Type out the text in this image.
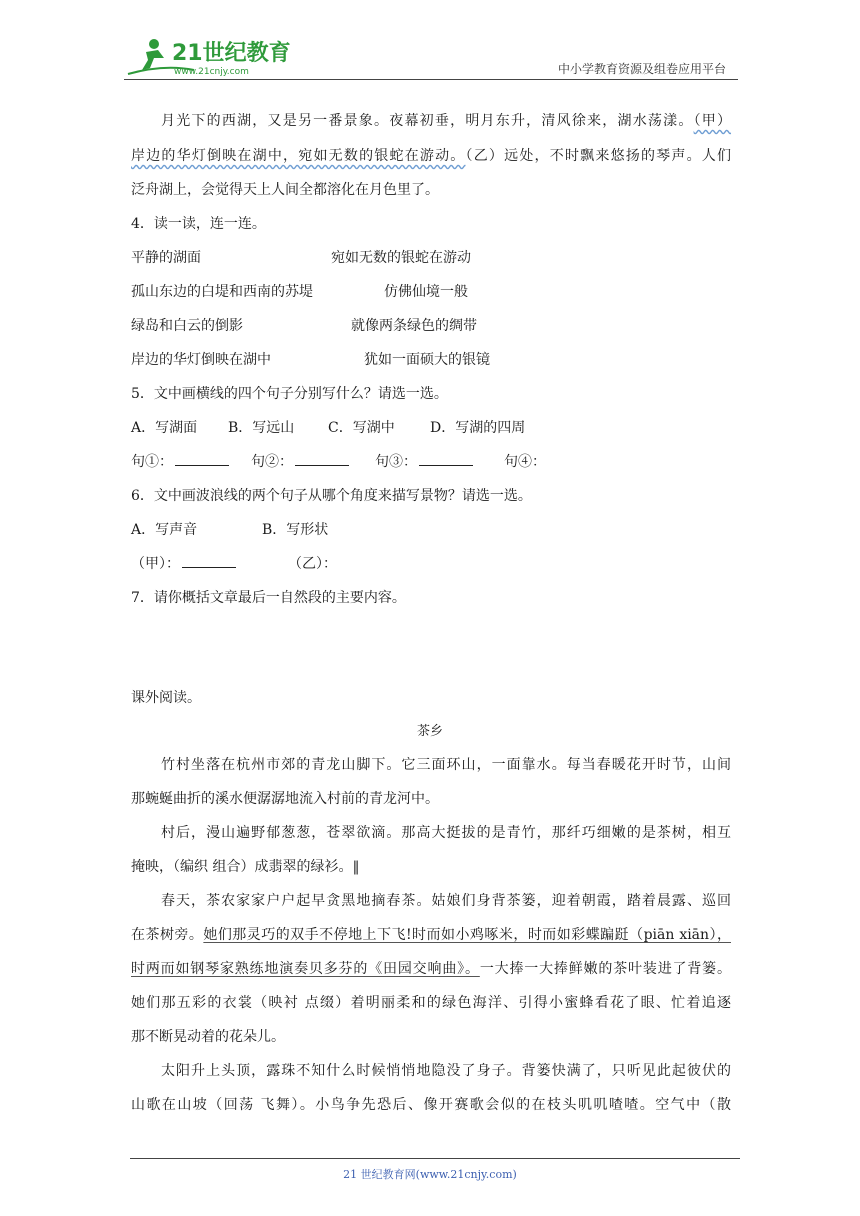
21世纪教育
www.21cnjy.com	中小学教育资源及组卷应用平台
月光下的西湖，又是另一番景象。夜幕初垂，明月东升，清风徐来，湖水荡漾。（甲）
岸边的华灯倒映在湖中，宛如无数的银蛇在游动。（乙）远处，不时飘来悠扬的琴声。人们
泛舟湖上，会觉得天上人间全都溶化在月色里了。
4．读一读，连一连。
平静的湖面	宛如无数的银蛇在游动
孤山东边的白堤和西南的苏堤	仿佛仙境一般
绿岛和白云的倒影	就像两条绿色的绸带
岸边的华灯倒映在湖中	犹如一面硕大的银镜
5．文中画横线的四个句子分别写什么？请选一选。
A．写湖面 B．写远山 C．写湖中	D．写湖的四周
句①：	句②：	句③：	句④：
6．文中画波浪线的两个句子从哪个角度来描写景物？请选一选。
A．写声音	B．写形状
（甲）：	（乙）：
7．请你概括文章最后一自然段的主要内容。
课外阅读。
茶乡
竹村坐落在杭州市郊的青龙山脚下。它三面环山，一面靠水。每当春暖花开时节，山间
那蜿蜒曲折的溪水便潺潺地流入村前的青龙河中。
村后，漫山遍野郁葱葱，苍翠欲滴。那高大挺拔的是青竹，那纤巧细嫩的是茶树，相互
掩映，（编织 组合）成翡翠的绿衫。‖
春天，茶农家家户户起早贪黑地摘春茶。姑娘们身背茶篓，迎着朝霞，踏着晨露、巡回
在茶树旁。她们那灵巧的双手不停地上下飞!时而如小鸡啄米，时而如彩蝶蹁跹（piān xiān），
时两而如钢琴家熟练地演奏贝多芬的《田园交响曲》。一大捧一大捧鲜嫩的茶叶装进了背篓。
她们那五彩的衣裳（映衬 点缀）着明丽柔和的绿色海洋、引得小蜜蜂看花了眼、忙着追逐
那不断晃动着的花朵儿。
太阳升上头顶，露珠不知什么时候悄悄地隐没了身子。背篓快满了，只听见此起彼伏的
山歌在山坡（回荡 飞舞）。小鸟争先恐后、像开赛歌会似的在枝头叽叽喳喳。空气中（散
21 世纪教育网(www.21cnjy.com)
